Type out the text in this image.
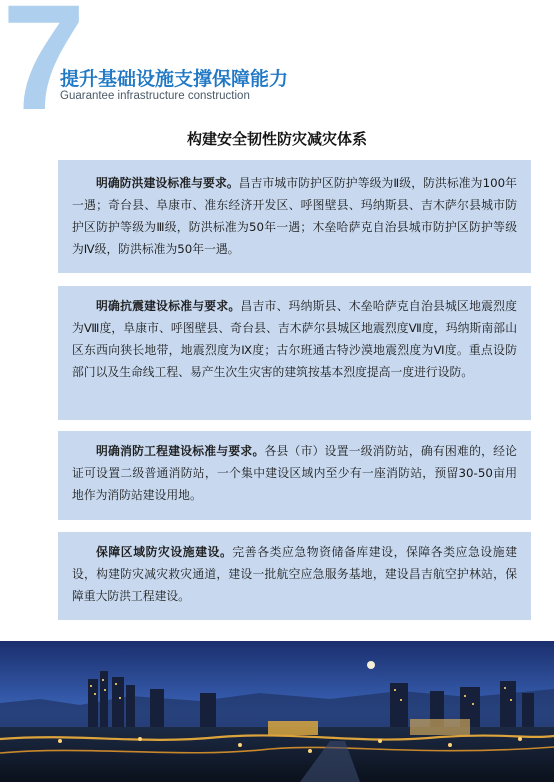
7
提升基础设施支撑保障能力
Guarantee infrastructure construction
构建安全韧性防灾减灾体系

明确防洪建设标准与要求。昌吉市城市防护区防护等级为Ⅱ级，防洪标准为100年一遇；奇台县、阜康市、准东经济开发区、呼图壁县、玛纳斯县、吉木萨尔县城市防护区防护等级为Ⅲ级，防洪标准为50年一遇；木垒哈萨克自治县城市防护区防护等级为Ⅳ级，防洪标准为50年一遇。

明确抗震建设标准与要求。昌吉市、玛纳斯县、木垒哈萨克自治县城区地震烈度为Ⅷ度，阜康市、呼图壁县、奇台县、吉木萨尔县城区地震烈度Ⅶ度，玛纳斯南部山区东西向狭长地带，地震烈度为Ⅸ度；古尔班通古特沙漠地震烈度为Ⅵ度。重点设防部门以及生命线工程、易产生次生灾害的建筑按基本烈度提高一度进行设防。

明确消防工程建设标准与要求。各县（市）设置一级消防站，确有困难的，经论证可设置二级普通消防站，一个集中建设区域内至少有一座消防站，预留30-50亩用地作为消防站建设用地。

保障区域防灾设施建设。完善各类应急物资储备库建设，保障各类应急设施建设，构建防灾减灾救灾通道，建设一批航空应急服务基地，建设昌吉航空护林站，保障重大防洪工程建设。
